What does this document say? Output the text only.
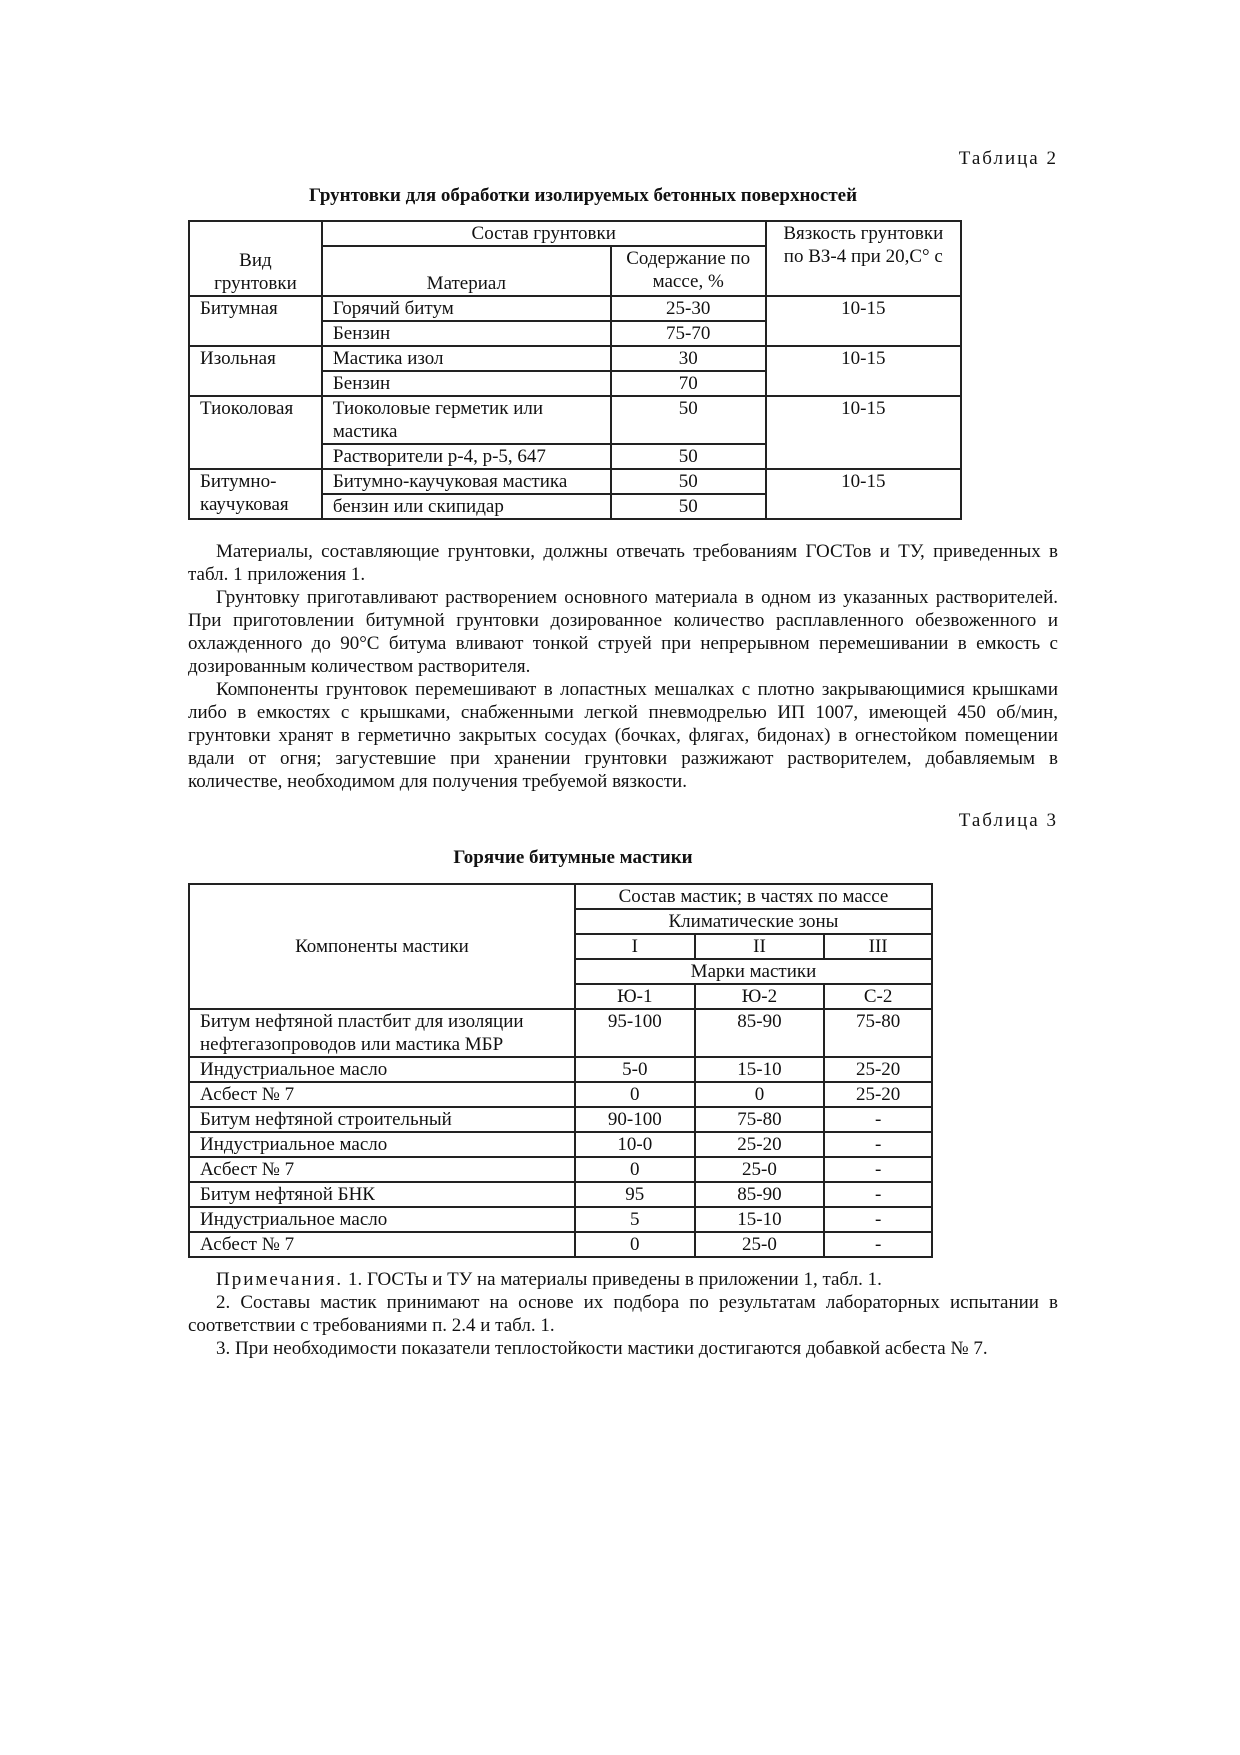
Таблица 2
Грунтовки для обработки изолируемых бетонных поверхностей
Вид грунтовки	Состав грунтовки		Вязкость грунтовки по ВЗ-4 при 20,С° с
	Материал	Содержание по массе, %	
Битумная	Горячий битум	25-30	10-15
	Бензин	75-70	
Изольная	Мастика изол	30	10-15
	Бензин	70	
Тиоколовая	Тиоколовые герметик или мастика	50	10-15
	Растворители р-4, р-5, 647	50	
Битумно-каучуковая	Битумно-каучуковая мастика	50	10-15
	бензин или скипидар	50	

Материалы, составляющие грунтовки, должны отвечать требованиям ГОСТов и ТУ, приведенных в табл. 1 приложения 1.

Грунтовку приготавливают растворением основного материала в одном из указанных растворителей. При приготовлении битумной грунтовки дозированное количество расплавленного обезвоженного и охлажденного до 90°С битума вливают тонкой струей при непрерывном перемешивании в емкость с дозированным количеством растворителя.

Компоненты грунтовок перемешивают в лопастных мешалках с плотно закрывающимися крышками либо в емкостях с крышками, снабженными легкой пневмодрелью ИП 1007, имеющей 450 об/мин, грунтовки хранят в герметично закрытых сосудах (бочках, флягах, бидонах) в огнестойком помещении вдали от огня; загустевшие при хранении грунтовки разжижают растворителем, добавляемым в количестве, необходимом для получения требуемой вязкости.

Таблица 3
Горячие битумные мастики
Компоненты мастики	Состав мастик; в частях по массе		
	Климатические зоны		
	I	II	III
	Марки мастики		
	Ю-1	Ю-2	С-2
Битум нефтяной пластбит для изоляции нефтегазопроводов или мастика МБР	95-100	85-90	75-80
Индустриальное масло	5-0	15-10	25-20
Асбест № 7	0	0	25-20
Битум нефтяной строительный	90-100	75-80	-
Индустриальное масло	10-0	25-20	-
Асбест № 7	0	25-0	-
Битум нефтяной БНК	95	85-90	-
Индустриальное масло	5	15-10	-
Асбест № 7	0	25-0	-

Примечания. 1. ГОСТы и ТУ на материалы приведены в приложении 1, табл. 1.

2. Составы мастик принимают на основе их подбора по результатам лабораторных испытании в соответствии с требованиями п. 2.4 и табл. 1.

3. При необходимости показатели теплостойкости мастики достигаются добавкой асбеста № 7.
